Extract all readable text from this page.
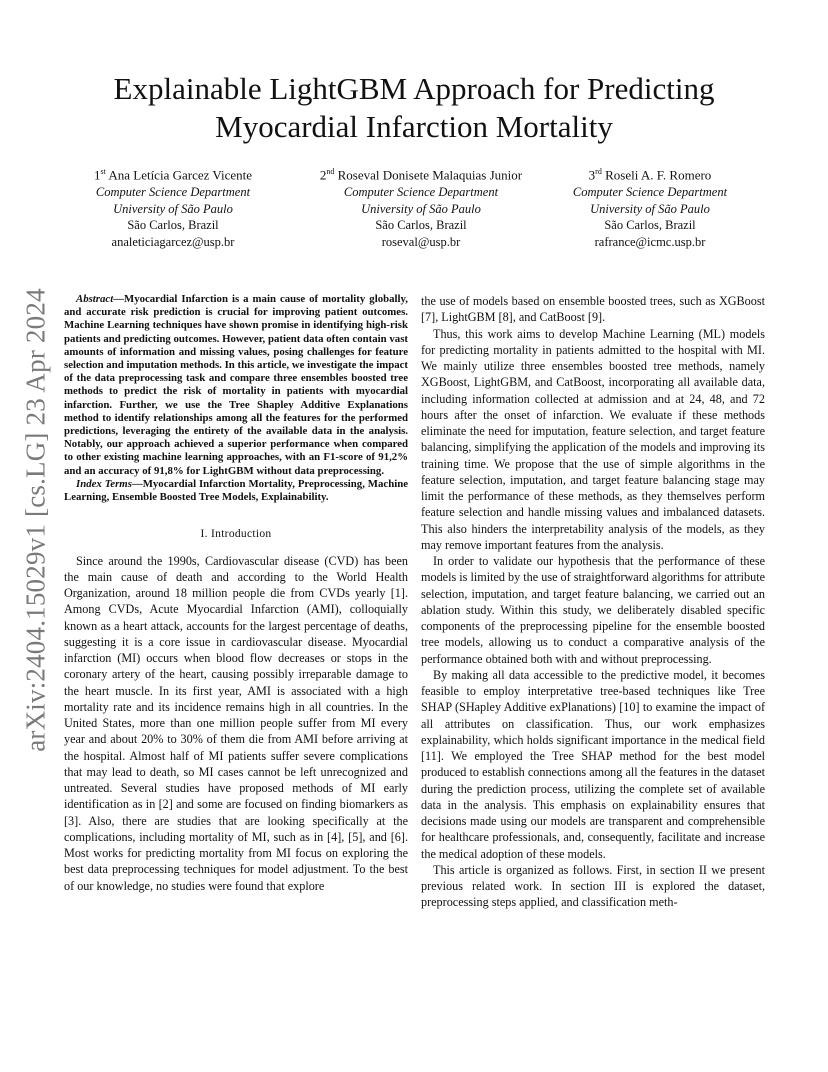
arXiv:2404.15029v1 [cs.LG] 23 Apr 2024
Explainable LightGBM Approach for Predicting
Myocardial Infarction Mortality
1st Ana Letícia Garcez Vicente
Computer Science Department
University of São Paulo
São Carlos, Brazil
analeticiagarcez@usp.br
2nd Roseval Donisete Malaquias Junior
Computer Science Department
University of São Paulo
São Carlos, Brazil
roseval@usp.br
3rd Roseli A. F. Romero
Computer Science Department
University of São Paulo
São Carlos, Brazil
rafrance@icmc.usp.br

Abstract—Myocardial Infarction is a main cause of mortality globally, and accurate risk prediction is crucial for improving patient outcomes. Machine Learning techniques have shown promise in identifying high-risk patients and predicting outcomes. However, patient data often contain vast amounts of information and missing values, posing challenges for feature selection and imputation methods. In this article, we investigate the impact of the data preprocessing task and compare three ensembles boosted tree methods to predict the risk of mortality in patients with myocardial infarction. Further, we use the Tree Shapley Additive Explanations method to identify relationships among all the features for the performed predictions, leveraging the entirety of the available data in the analysis. Notably, our approach achieved a superior performance when compared to other existing machine learning approaches, with an F1-score of 91,2% and an accuracy of 91,8% for LightGBM without data preprocessing.

Index Terms—Myocardial Infarction Mortality, Preprocessing, Machine Learning, Ensemble Boosted Tree Models, Explainability.

I. Introduction

Since around the 1990s, Cardiovascular disease (CVD) has been the main cause of death and according to the World Health Organization, around 18 million people die from CVDs yearly [1]. Among CVDs, Acute Myocardial Infarction (AMI), colloquially known as a heart attack, accounts for the largest percentage of deaths, suggesting it is a core issue in cardiovascular disease. Myocardial infarction (MI) occurs when blood flow decreases or stops in the coronary artery of the heart, causing possibly irreparable damage to the heart muscle. In its first year, AMI is associated with a high mortality rate and its incidence remains high in all countries. In the United States, more than one million people suffer from MI every year and about 20% to 30% of them die from AMI before arriving at the hospital. Almost half of MI patients suffer severe complications that may lead to death, so MI cases cannot be left unrecognized and untreated. Several studies have proposed methods of MI early identification as in [2] and some are focused on finding biomarkers as [3]. Also, there are studies that are looking specifically at the complications, including mortality of MI, such as in [4], [5], and [6]. Most works for predicting mortality from MI focus on exploring the best data preprocessing techniques for model adjustment. To the best of our knowledge, no studies were found that explore

the use of models based on ensemble boosted trees, such as XGBoost [7], LightGBM [8], and CatBoost [9].

Thus, this work aims to develop Machine Learning (ML) models for predicting mortality in patients admitted to the hospital with MI. We mainly utilize three ensembles boosted tree methods, namely XGBoost, LightGBM, and CatBoost, incorporating all available data, including information collected at admission and at 24, 48, and 72 hours after the onset of infarction. We evaluate if these methods eliminate the need for imputation, feature selection, and target feature balancing, simplifying the application of the models and improving its training time. We propose that the use of simple algorithms in the feature selection, imputation, and target feature balancing stage may limit the performance of these methods, as they themselves perform feature selection and handle missing values and imbalanced datasets. This also hinders the interpretability analysis of the models, as they may remove important features from the analysis.

In order to validate our hypothesis that the performance of these models is limited by the use of straightforward algorithms for attribute selection, imputation, and target feature balancing, we carried out an ablation study. Within this study, we deliberately disabled specific components of the preprocessing pipeline for the ensemble boosted tree models, allowing us to conduct a comparative analysis of the performance obtained both with and without preprocessing.

By making all data accessible to the predictive model, it becomes feasible to employ interpretative tree-based techniques like Tree SHAP (SHapley Additive exPlanations) [10] to examine the impact of all attributes on classification. Thus, our work emphasizes explainability, which holds significant importance in the medical field [11]. We employed the Tree SHAP method for the best model produced to establish connections among all the features in the dataset during the prediction process, utilizing the complete set of available data in the analysis. This emphasis on explainability ensures that decisions made using our models are transparent and comprehensible for healthcare professionals, and, consequently, facilitate and increase the medical adoption of these models.

This article is organized as follows. First, in section II we present previous related work. In section III is explored the dataset, preprocessing steps applied, and classification meth-
